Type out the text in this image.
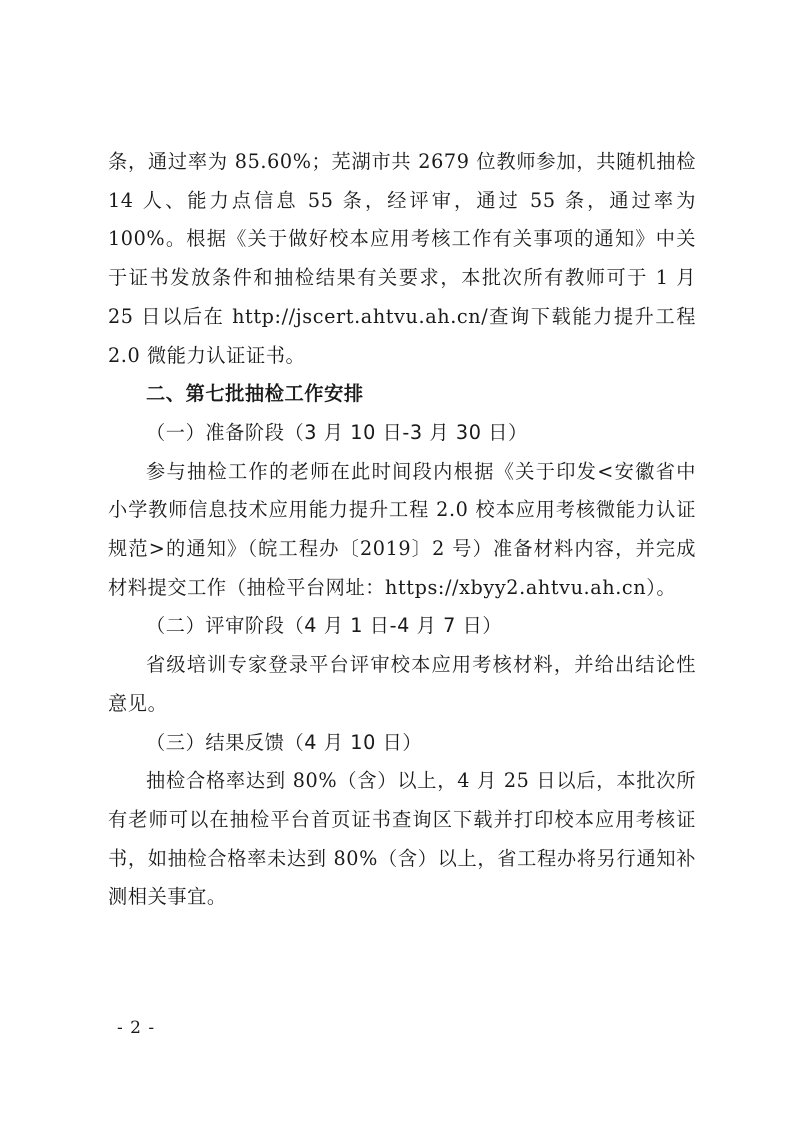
条，通过率为 85.60%；芜湖市共 2679 位教师参加，共随机抽检 14 人、能力点信息 55 条，经评审，通过 55 条，通过率为 100%。根据《关于做好校本应用考核工作有关事项的通知》中关于证书发放条件和抽检结果有关要求，本批次所有教师可于 1 月 25 日以后在 http://jscert.ahtvu.ah.cn/查询下载能力提升工程 2.0 微能力认证证书。

二、第七批抽检工作安排

（一）准备阶段（3 月 10 日-3 月 30 日）

参与抽检工作的老师在此时间段内根据《关于印发<安徽省中小学教师信息技术应用能力提升工程 2.0 校本应用考核微能力认证规范>的通知》（皖工程办〔2019〕2 号）准备材料内容，并完成材料提交工作（抽检平台网址：https://xbyy2.ahtvu.ah.cn）。

（二）评审阶段（4 月 1 日-4 月 7 日）

省级培训专家登录平台评审校本应用考核材料，并给出结论性意见。

（三）结果反馈（4 月 10 日）

抽检合格率达到 80%（含）以上，4 月 25 日以后，本批次所有老师可以在抽检平台首页证书查询区下载并打印校本应用考核证书，如抽检合格率未达到 80%（含）以上，省工程办将另行通知补测相关事宜。

- 2 -
